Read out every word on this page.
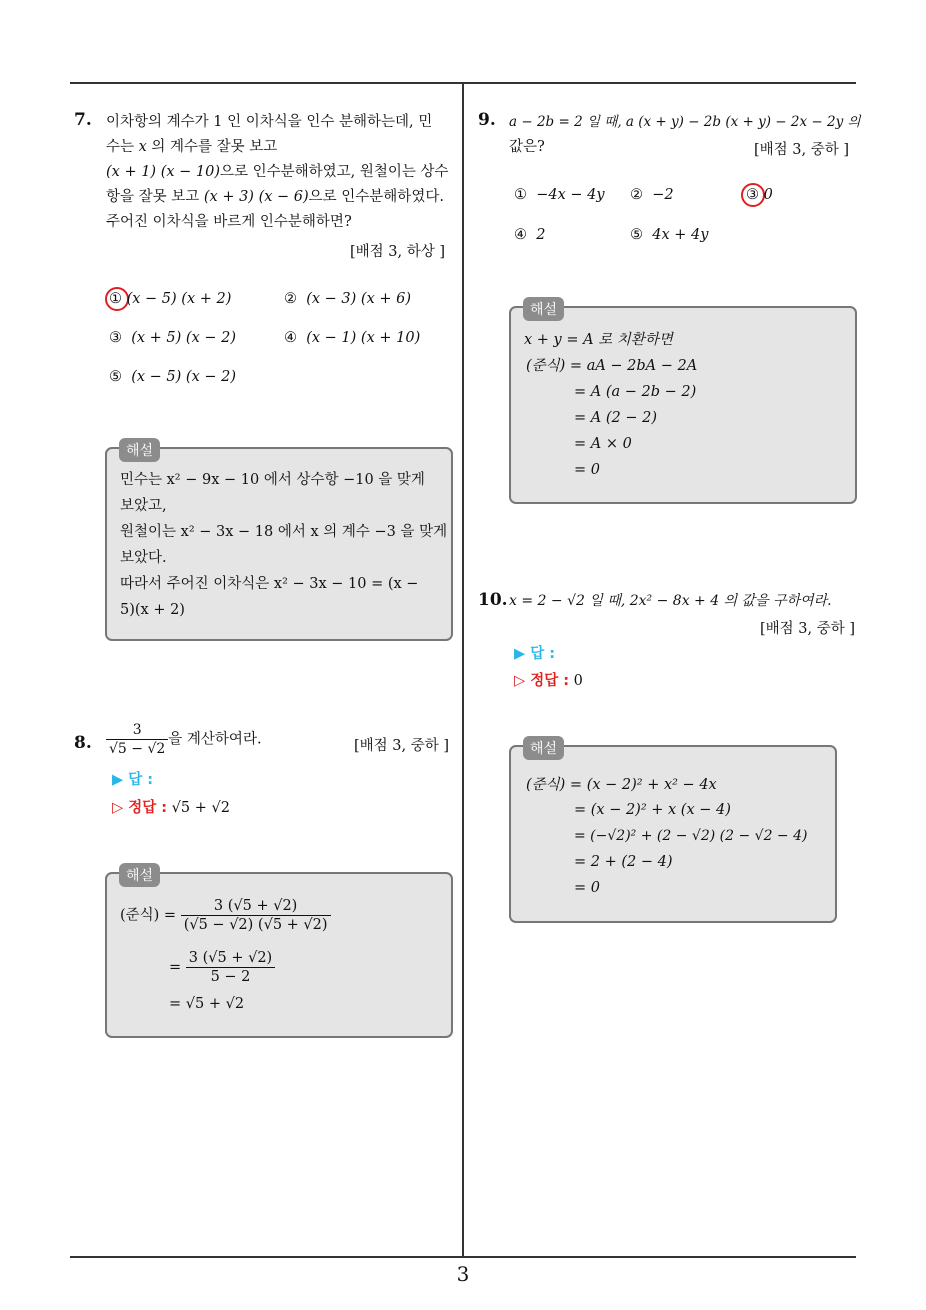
3
7. 이차항의 계수가 1 인 이차식을 인수 분해하는데, 민
수는 x 의 계수를 잘못 보고
(x + 1) (x − 10)으로 인수분해하였고, 원철이는 상수
항을 잘못 보고 (x + 3) (x − 6)으로 인수분해하였다.
주어진 이차식을 바르게 인수분해하면?
[배점 3, 하상 ]
① (x − 5) (x + 2)	② (x − 3) (x + 6)
③ (x + 5) (x − 2)	④ (x − 1) (x + 10)
⑤ (x − 5) (x − 2)
해설
민수는 x² − 9x − 10 에서 상수항 −10 을 맞게
보았고,
원철이는 x² − 3x − 18 에서 x 의 계수 −3 을 맞게
보았다.
따라서 주어진 이차식은 x² − 3x − 10 = (x −
5)(x + 2)
8. $\frac{3}{√5 - √2}$ 을 계산하여라.	[배점 3, 중하 ]
▶ 답 :
▷ 정답 : √5 + √2
해설
(준식) = $\frac{3 (√5 + √2)}{(√5 - √2) (√5 + √2)}$
= $\frac{3 (√5 + √2)}{5 - 2}$
= √5 + √2
9. a − 2b = 2 일 때, a (x + y) − 2b (x + y) − 2x − 2y 의
값은?	[배점 3, 중하 ]
① −4x − 4y ② −2	③ 0
④ 2	⑤ 4x + 4y
해설
x + y = A 로 치환하면
(준식) = aA − 2bA − 2A
= A (a − 2b − 2)
= A (2 − 2)
= A × 0
= 0
10. x = 2 − √2 일 때, 2x² − 8x + 4 의 값을 구하여라.
[배점 3, 중하 ]
▶ 답 :
▷ 정답 : 0
해설
(준식) = (x − 2)² + x² − 4x
= (x − 2)² + x (x − 4)
= (−√2)² + (2 − √2) (2 − √2 − 4)
= 2 + (2 − 4)
= 0
